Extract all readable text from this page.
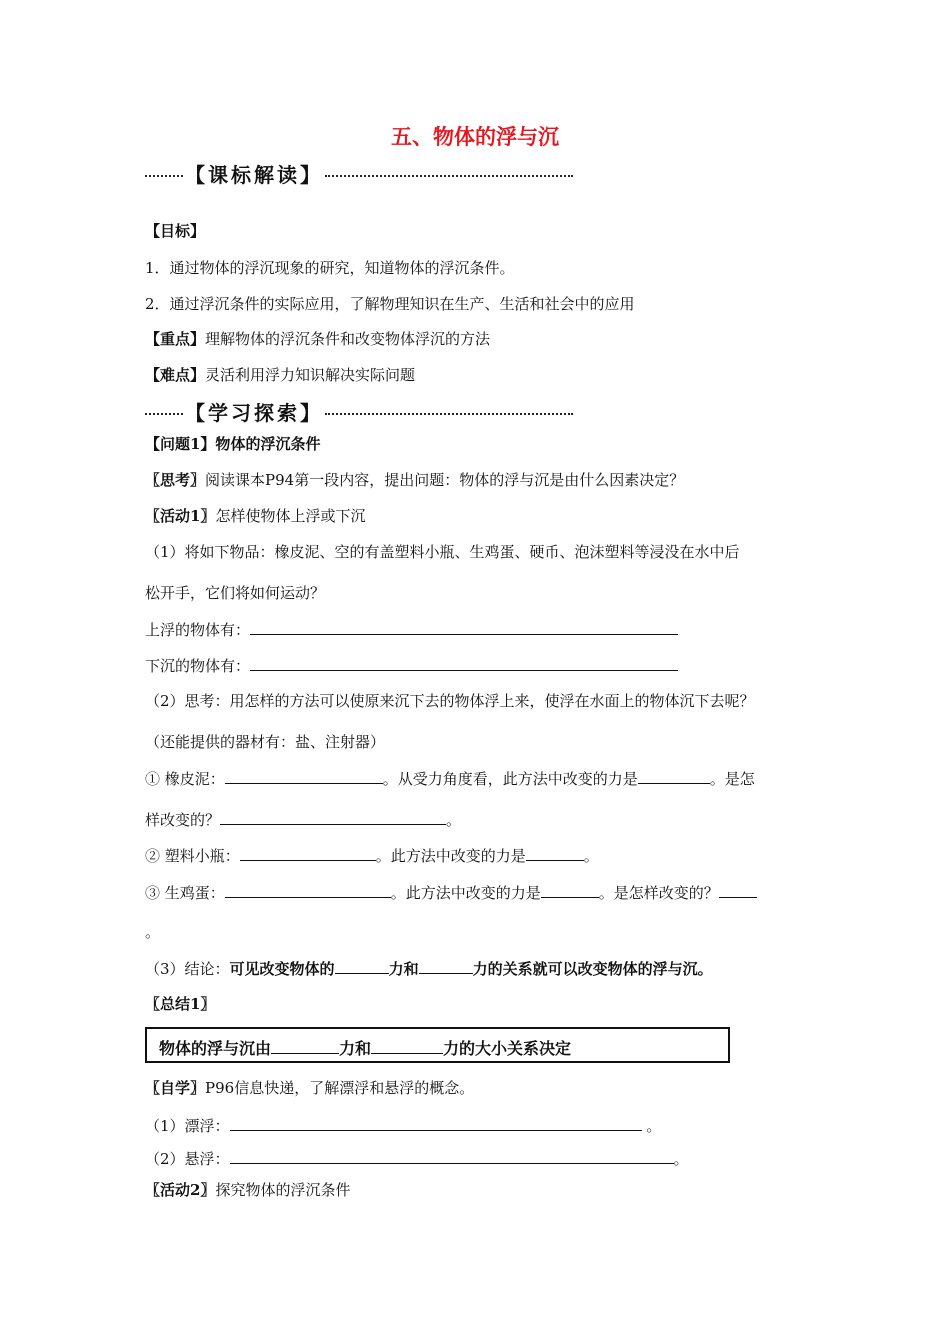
五、物体的浮与沉
【课标解读】
【目标】
1．通过物体的浮沉现象的研究，知道物体的浮沉条件。
2．通过浮沉条件的实际应用，了解物理知识在生产、生活和社会中的应用
【重点】理解物体的浮沉条件和改变物体浮沉的方法
【难点】灵活利用浮力知识解决实际问题
【学习探索】
【问题1】物体的浮沉条件
〖思考〗阅读课本P94第一段内容，提出问题：物体的浮与沉是由什么因素决定？
〖活动1〗怎样使物体上浮或下沉
（1）将如下物品：橡皮泥、空的有盖塑料小瓶、生鸡蛋、硬币、泡沫塑料等浸没在水中后
松开手，它们将如何运动？
上浮的物体有：
下沉的物体有：
（2）思考：用怎样的方法可以使原来沉下去的物体浮上来，使浮在水面上的物体沉下去呢？
（还能提供的器材有：盐、注射器）
① 橡皮泥：	。从受力角度看，此方法中改变的力是	。是怎
样改变的？	。
② 塑料小瓶：	。此方法中改变的力是	。
③ 生鸡蛋：	。此方法中改变的力是	。是怎样改变的？
。
（3）结论：可见改变物体的	力和	力的关系就可以改变物体的浮与沉。
〖总结1〗
物体的浮与沉由	力和	力的大小关系决定
〖自学〗P96信息快递，了解漂浮和悬浮的概念。
（1）漂浮：	。
（2）悬浮：	。
〖活动2〗探究物体的浮沉条件
